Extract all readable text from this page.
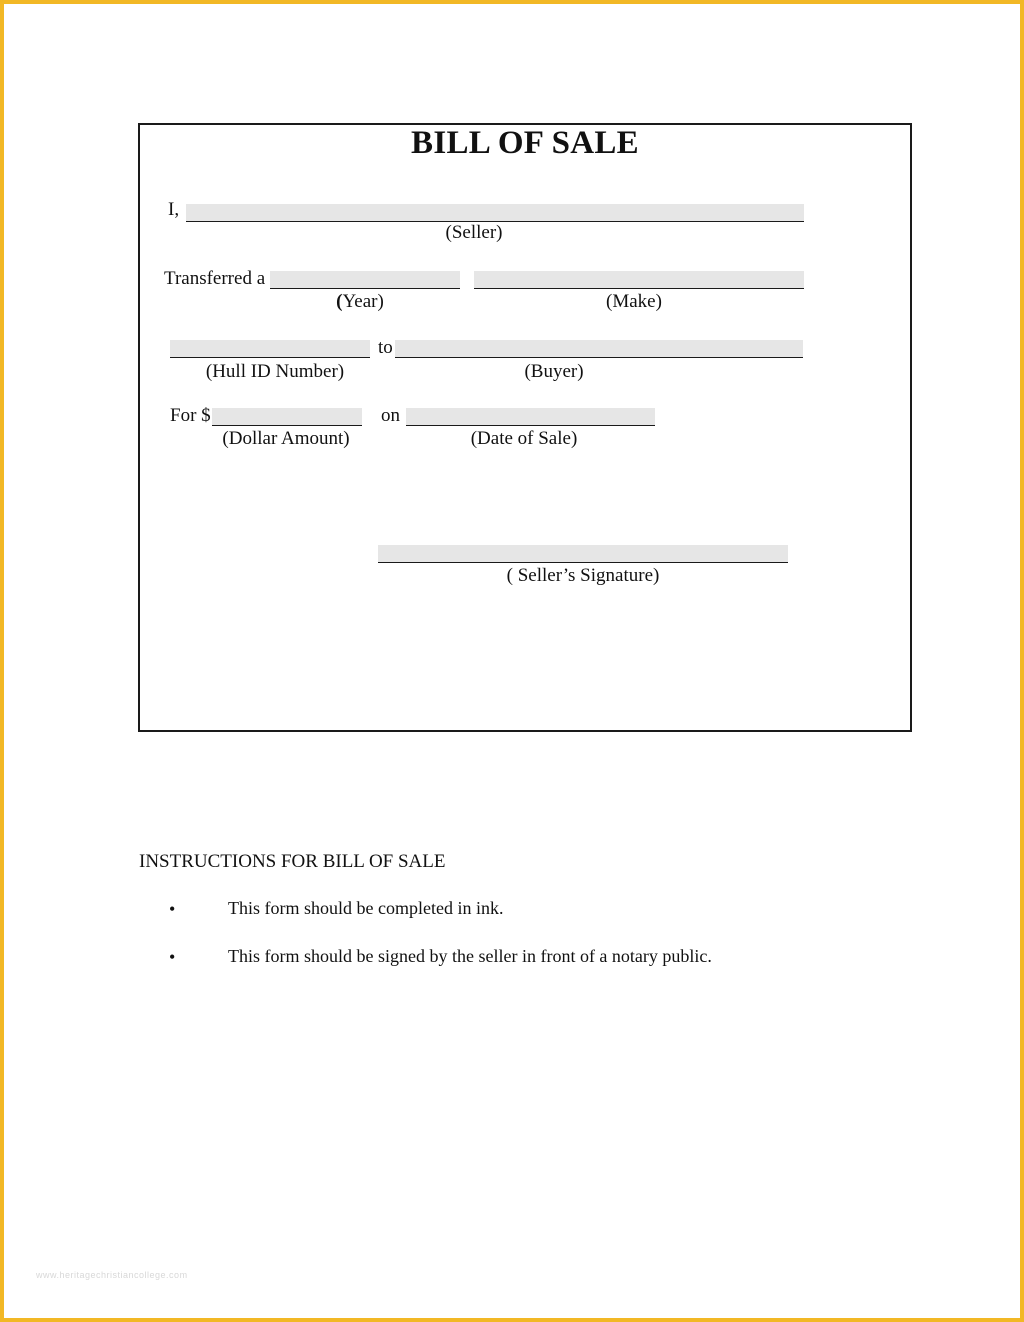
BILL OF SALE
I,
(Seller)
Transferred a
(Year)	(Make)
to
(Hull ID Number)	(Buyer)
For $	on
(Dollar Amount)	(Date of Sale)
( Seller’s Signature)
INSTRUCTIONS FOR BILL OF SALE
•	This form should be completed in ink.
•	This form should be signed by the seller in front of a notary public.
www.heritagechristiancollege.com
